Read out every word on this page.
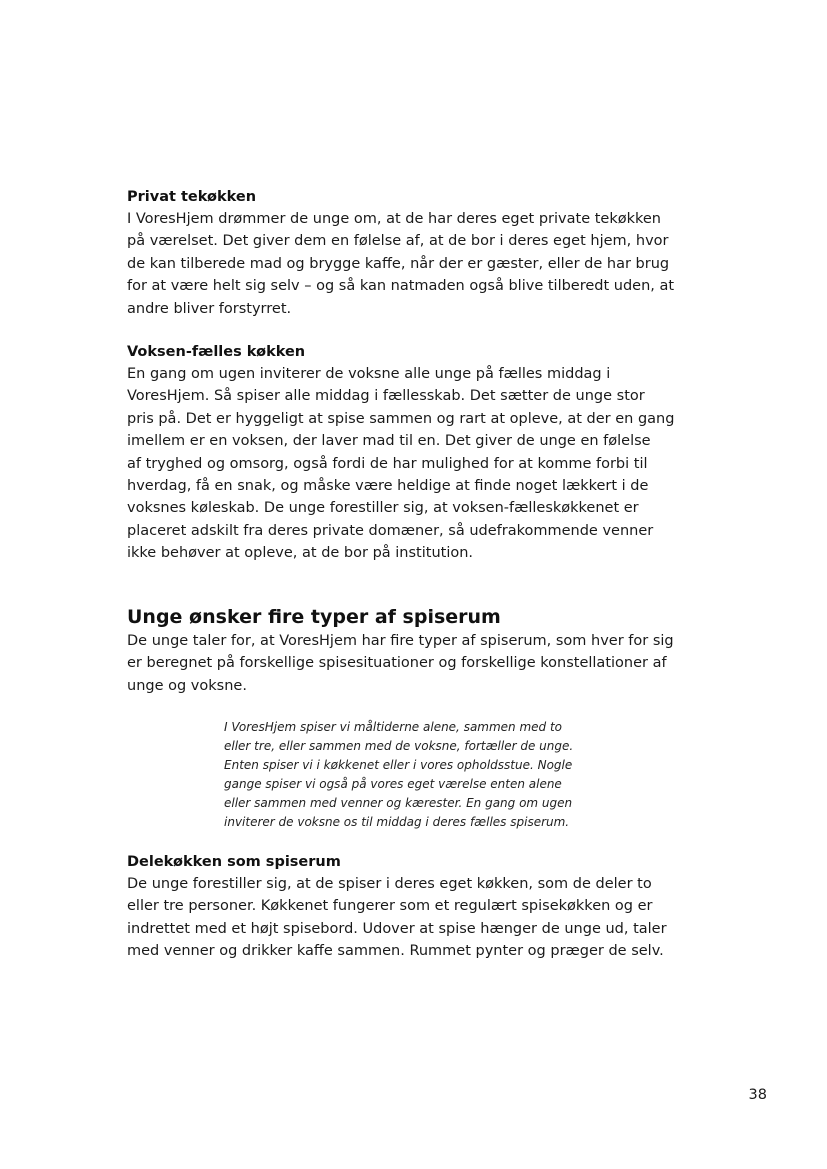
Privat tekøkken
I VoresHjem drømmer de unge om, at de har deres eget private tekøkken
på værelset. Det giver dem en følelse af, at de bor i deres eget hjem, hvor
de kan tilberede mad og brygge kaffe, når der er gæster, eller de har brug
for at være helt sig selv – og så kan natmaden også blive tilberedt uden, at
andre bliver forstyrret.
Voksen-fælles køkken
En gang om ugen inviterer de voksne alle unge på fælles middag i
VoresHjem. Så spiser alle middag i fællesskab. Det sætter de unge stor
pris på. Det er hyggeligt at spise sammen og rart at opleve, at der en gang
imellem er en voksen, der laver mad til en. Det giver de unge en følelse
af tryghed og omsorg, også fordi de har mulighed for at komme forbi til
hverdag, få en snak, og måske være heldige at finde noget lækkert i de
voksnes køleskab. De unge forestiller sig, at voksen-fælleskøkkenet er
placeret adskilt fra deres private domæner, så udefrakommende venner
ikke behøver at opleve, at de bor på institution.
Unge ønsker fire typer af spiserum
De unge taler for, at VoresHjem har fire typer af spiserum, som hver for sig
er beregnet på forskellige spisesituationer og forskellige konstellationer af
unge og voksne.
I VoresHjem spiser vi måltiderne alene, sammen med to
eller tre, eller sammen med de voksne, fortæller de unge.
Enten spiser vi i køkkenet eller i vores opholdsstue. Nogle
gange spiser vi også på vores eget værelse enten alene
eller sammen med venner og kærester. En gang om ugen
inviterer de voksne os til middag i deres fælles spiserum.
Delekøkken som spiserum
De unge forestiller sig, at de spiser i deres eget køkken, som de deler to
eller tre personer. Køkkenet fungerer som et regulært spisekøkken og er
indrettet med et højt spisebord. Udover at spise hænger de unge ud, taler
med venner og drikker kaffe sammen. Rummet pynter og præger de selv.
38
